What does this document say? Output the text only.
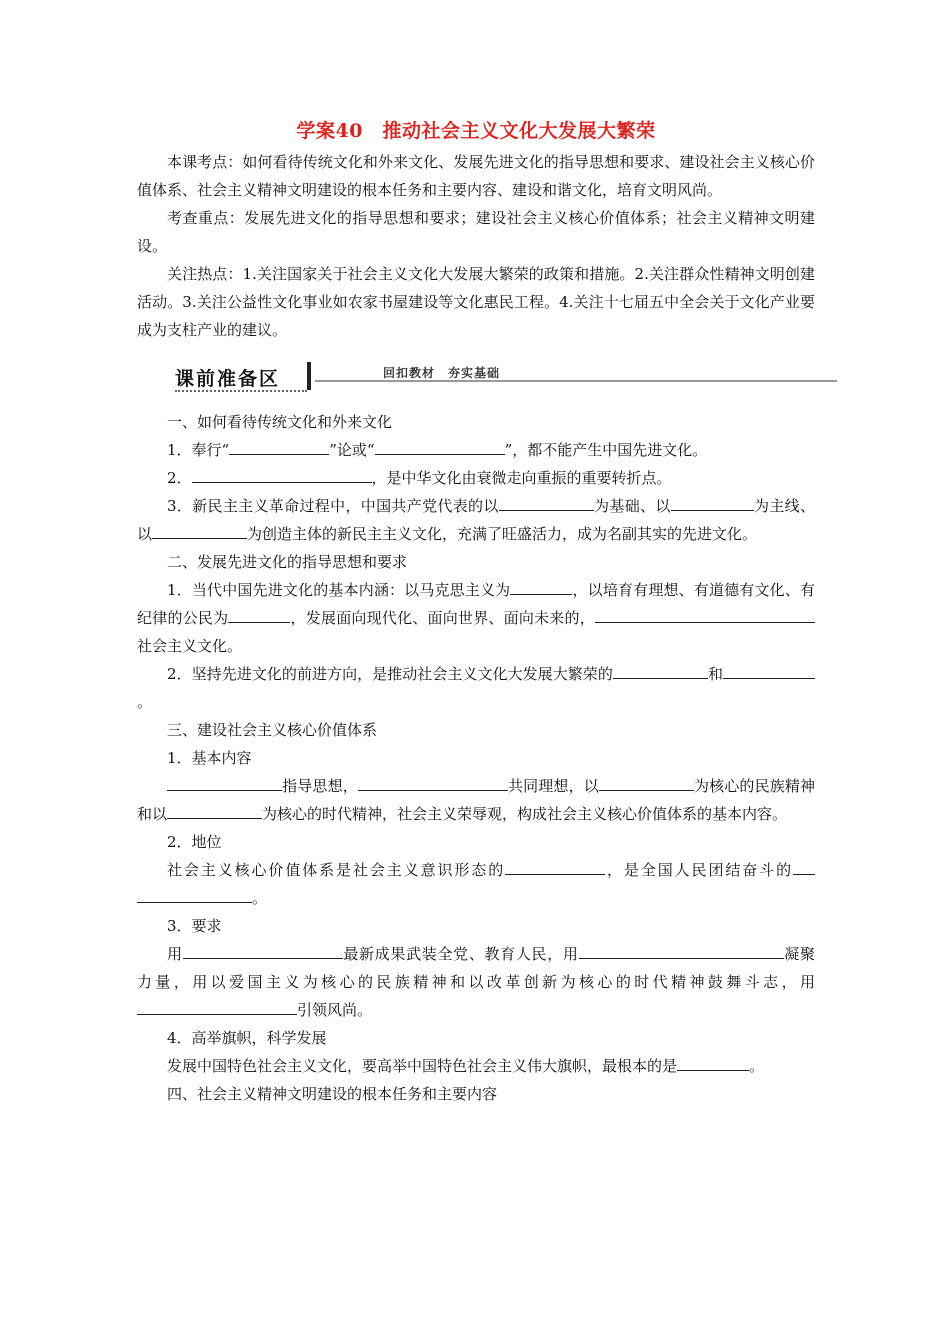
学案40　推动社会主义文化大发展大繁荣

本课考点：如何看待传统文化和外来文化、发展先进文化的指导思想和要求、建设社会主义核心价值体系、社会主义精神文明建设的根本任务和主要内容、建设和谐文化，培育文明风尚。

考查重点：发展先进文化的指导思想和要求；建设社会主义核心价值体系；社会主义精神文明建设。

关注热点：1.关注国家关于社会主义文化大发展大繁荣的政策和措施。2.关注群众性精神文明创建活动。3.关注公益性文化事业如农家书屋建设等文化惠民工程。4.关注十七届五中全会关于文化产业要成为支柱产业的建议。

课前准备区	回扣教材　夯实基础

一、如何看待传统文化和外来文化

1．奉行“	”论或“	”，都不能产生中国先进文化。

2．	，是中华文化由衰微走向重振的重要转折点。

3．新民主主义革命过程中，中国共产党代表的以	为基础、以	为主线、以	为创造主体的新民主主义文化，充满了旺盛活力，成为名副其实的先进文化。

二、发展先进文化的指导思想和要求

1．当代中国先进文化的基本内涵：以马克思主义为	，以培育有理想、有道德有文化、有纪律的公民为	，发展面向现代化、面向世界、面向未来的，社会主义文化。

2．坚持先进文化的前进方向，是推动社会主义文化大发展大繁荣的	和。

三、建设社会主义核心价值体系

1．基本内容

指导思想，	共同理想，以	为核心的民族精神和以	为核心的时代精神，社会主义荣辱观，构成社会主义核心价值体系的基本内容。

2．地位

社会主义核心价值体系是社会主义意识形态的	，是全国人民团结奋斗的。

3．要求

用	最新成果武装全党、教育人民，用	凝聚力量，用以爱国主义为核心的民族精神和以改革创新为核心的时代精神鼓舞斗志，用引领风尚。

4．高举旗帜，科学发展

发展中国特色社会主义文化，要高举中国特色社会主义伟大旗帜，最根本的是	。

四、社会主义精神文明建设的根本任务和主要内容
